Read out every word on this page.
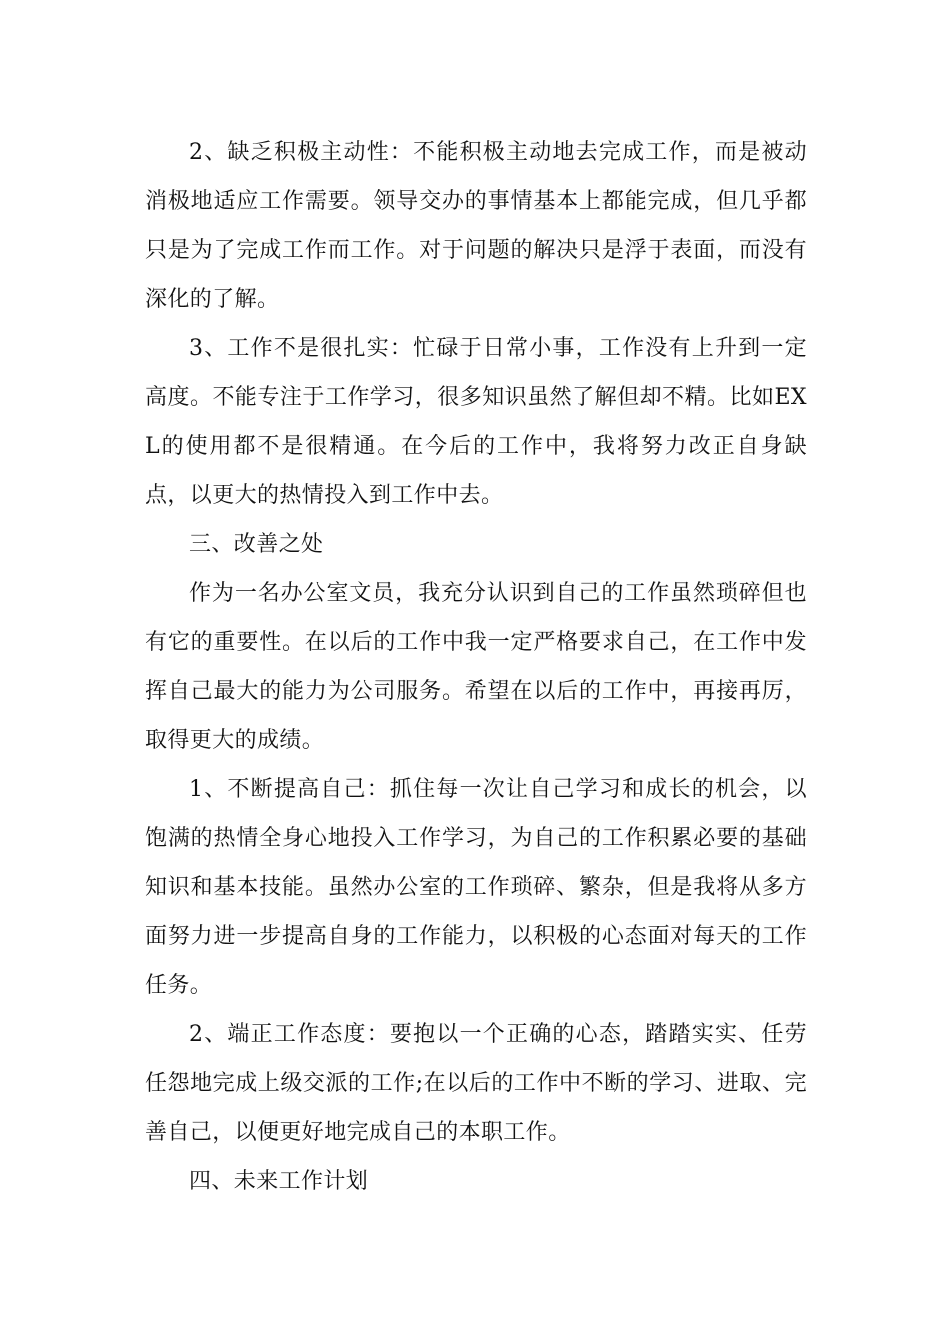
2、缺乏积极主动性：不能积极主动地去完成工作，而是被动消极地适应工作需要。领导交办的事情基本上都能完成，但几乎都只是为了完成工作而工作。对于问题的解决只是浮于表面，而没有深化的了解。

3、工作不是很扎实：忙碌于日常小事，工作没有上升到一定高度。不能专注于工作学习，很多知识虽然了解但却不精。比如EXL的使用都不是很精通。在今后的工作中，我将努力改正自身缺点，以更大的热情投入到工作中去。

三、改善之处

作为一名办公室文员，我充分认识到自己的工作虽然琐碎但也有它的重要性。在以后的工作中我一定严格要求自己，在工作中发挥自己最大的能力为公司服务。希望在以后的工作中，再接再厉，取得更大的成绩。

1、不断提高自己：抓住每一次让自己学习和成长的机会，以饱满的热情全身心地投入工作学习，为自己的工作积累必要的基础知识和基本技能。虽然办公室的工作琐碎、繁杂，但是我将从多方面努力进一步提高自身的工作能力，以积极的心态面对每天的工作任务。

2、端正工作态度：要抱以一个正确的心态，踏踏实实、任劳任怨地完成上级交派的工作;在以后的工作中不断的学习、进取、完善自己，以便更好地完成自己的本职工作。

四、未来工作计划
